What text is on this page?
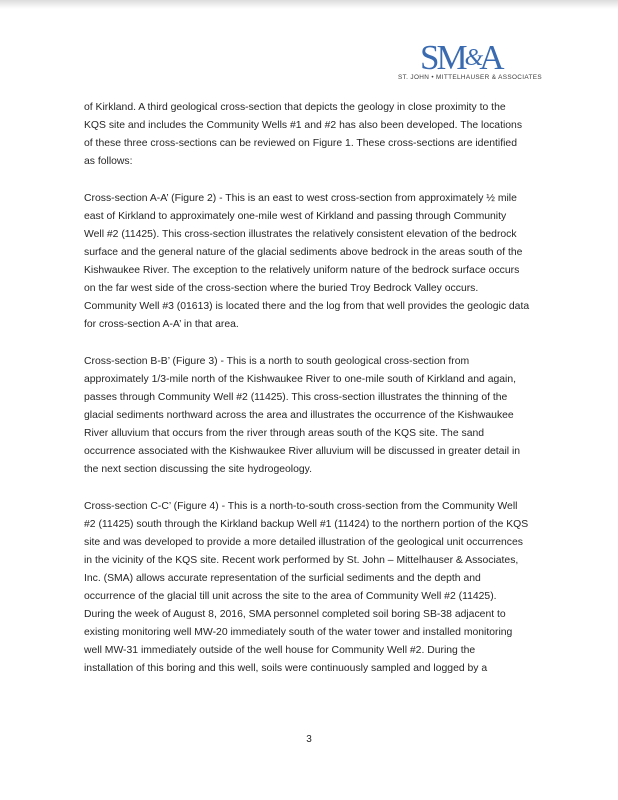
SM&A
ST. JOHN • MITTELHAUSER & ASSOCIATES

of Kirkland. A third geological cross-section that depicts the geology in close proximity to the
KQS site and includes the Community Wells #1 and #2 has also been developed. The locations
of these three cross-sections can be reviewed on Figure 1. These cross-sections are identified
as follows:

Cross-section A-A’ (Figure 2) - This is an east to west cross-section from approximately ½ mile
east of Kirkland to approximately one-mile west of Kirkland and passing through Community
Well #2 (11425). This cross-section illustrates the relatively consistent elevation of the bedrock
surface and the general nature of the glacial sediments above bedrock in the areas south of the
Kishwaukee River. The exception to the relatively uniform nature of the bedrock surface occurs
on the far west side of the cross-section where the buried Troy Bedrock Valley occurs.
Community Well #3 (01613) is located there and the log from that well provides the geologic data
for cross-section A-A’ in that area.

Cross-section B-B’ (Figure 3) - This is a north to south geological cross-section from
approximately 1/3-mile north of the Kishwaukee River to one-mile south of Kirkland and again,
passes through Community Well #2 (11425). This cross-section illustrates the thinning of the
glacial sediments northward across the area and illustrates the occurrence of the Kishwaukee
River alluvium that occurs from the river through areas south of the KQS site. The sand
occurrence associated with the Kishwaukee River alluvium will be discussed in greater detail in
the next section discussing the site hydrogeology.

Cross-section C-C’ (Figure 4) - This is a north-to-south cross-section from the Community Well
#2 (11425) south through the Kirkland backup Well #1 (11424) to the northern portion of the KQS
site and was developed to provide a more detailed illustration of the geological unit occurrences
in the vicinity of the KQS site. Recent work performed by St. John – Mittelhauser & Associates,
Inc. (SMA) allows accurate representation of the surficial sediments and the depth and
occurrence of the glacial till unit across the site to the area of Community Well #2 (11425).
During the week of August 8, 2016, SMA personnel completed soil boring SB-38 adjacent to
existing monitoring well MW-20 immediately south of the water tower and installed monitoring
well MW-31 immediately outside of the well house for Community Well #2. During the
installation of this boring and this well, soils were continuously sampled and logged by a

3
